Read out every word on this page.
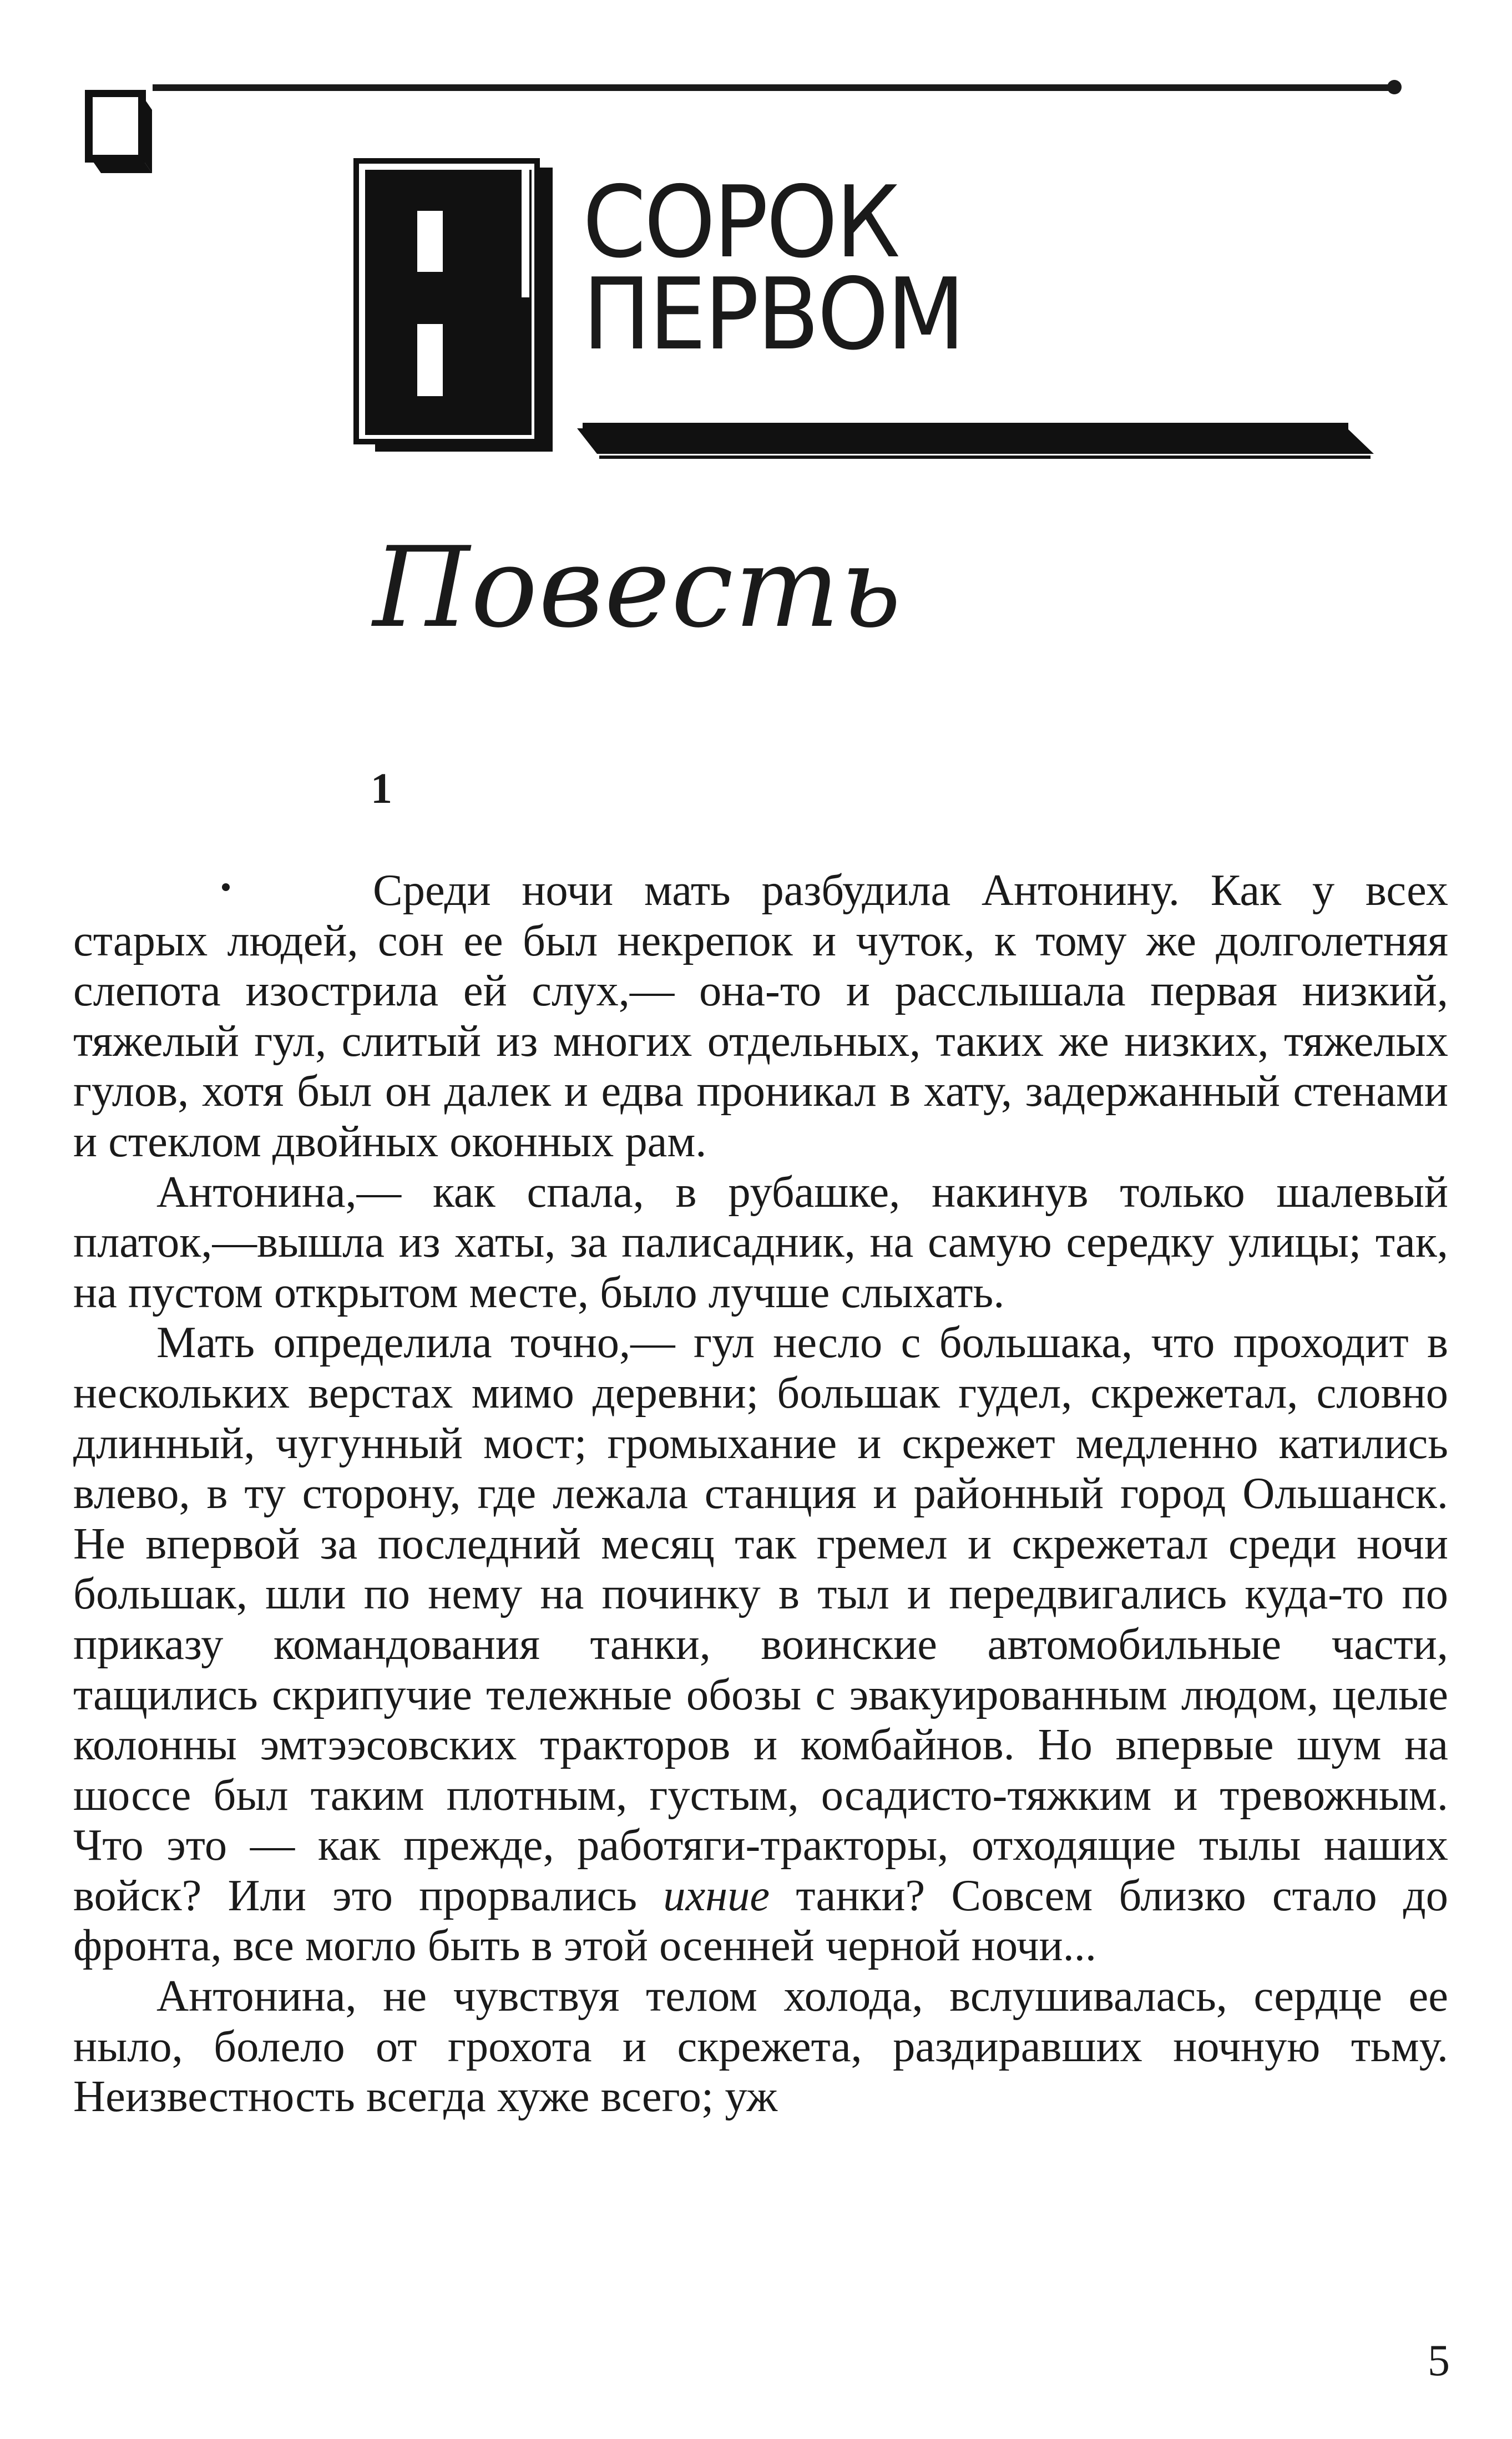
СОРОК
ПЕРВОМ
Повесть
1

Среди ночи мать разбудила Антонину. Как у всех старых людей, сон ее был некрепок и чуток, к тому же долголетняя слепота изострила ей слух,— она-то и расслышала первая низкий, тяжелый гул, слитый из многих отдельных, таких же низких, тяжелых гулов, хотя был он далек и едва проникал в хату, задержанный стенами и стеклом двойных оконных рам.

Антонина,— как спала, в рубашке, накинув только шалевый платок,—вышла из хаты, за палисадник, на самую середку улицы; так, на пустом открытом месте, было лучше слыхать.

Мать определила точно,— гул несло с большака, что проходит в нескольких верстах мимо деревни; большак гудел, скрежетал, словно длинный, чугунный мост; громыхание и скрежет медленно катились влево, в ту сторону, где лежала станция и районный город Ольшанск. Не впервой за последний месяц так гремел и скрежетал среди ночи большак, шли по нему на починку в тыл и передвигались куда-то по приказу командования танки, воинские автомобильные части, тащились скрипучие тележные обозы с эвакуированным людом, целые колонны эмтээсовских тракторов и комбайнов. Но впервые шум на шоссе был таким плотным, густым, осадисто-тяжким и тревожным. Что это — как прежде, работяги-тракторы, отходящие тылы наших войск? Или это прорвались ихние танки? Совсем близко стало до фронта, все могло быть в этой осенней черной ночи...

Антонина, не чувствуя телом холода, вслушивалась, сердце ее ныло, болело от грохота и скрежета, раздиравших ночную тьму. Неизвестность всегда хуже всего; уж

5
